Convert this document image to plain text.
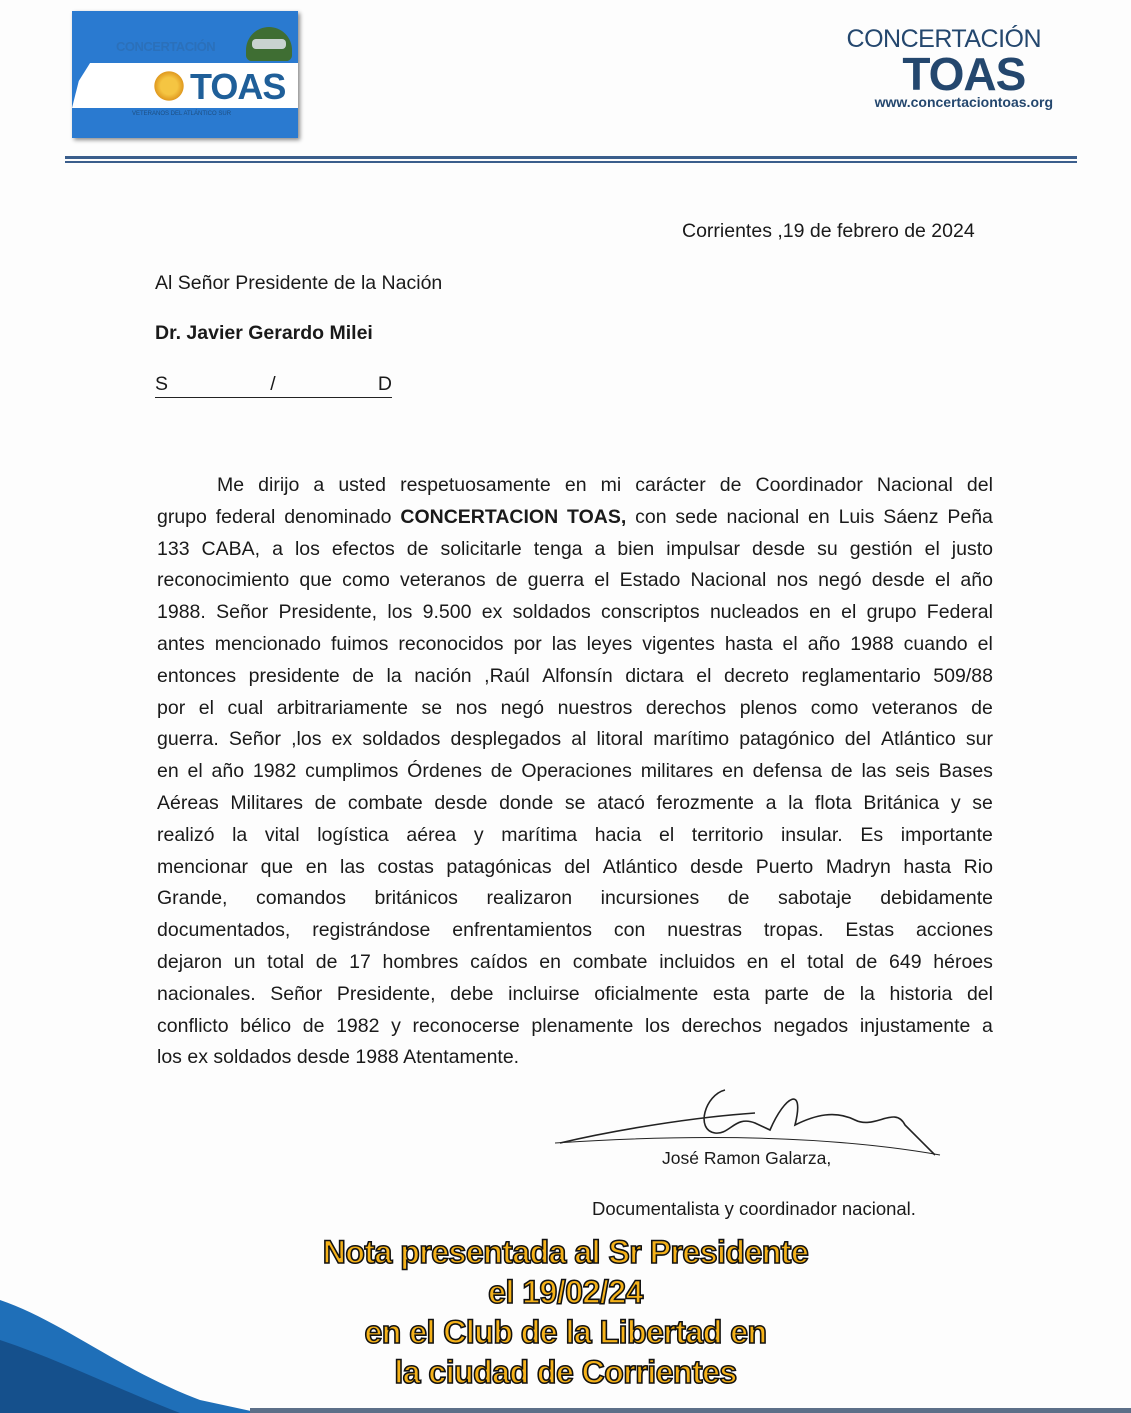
CONCERTACIÓN
TOAS
VETERANOS DEL ATLÁNTICO SUR
CONCERTACIÓN
TOAS
www.concertaciontoas.org
Corrientes ,19 de febrero de 2024
Al Señor Presidente de la Nación
Dr. Javier Gerardo Milei
S	/	D
Me dirijo a usted respetuosamente en mi carácter de Coordinador Nacional del
grupo federal denominado CONCERTACION TOAS, con sede nacional en Luis Sáenz Peña
133 CABA, a los efectos de solicitarle tenga a bien impulsar desde su gestión el justo
reconocimiento que como veteranos de guerra el Estado Nacional nos negó desde el año
1988. Señor Presidente, los 9.500 ex soldados conscriptos nucleados en el grupo Federal
antes mencionado fuimos reconocidos por las leyes vigentes hasta el año 1988 cuando el
entonces presidente de la nación ,Raúl Alfonsín dictara el decreto reglamentario 509/88
por el cual arbitrariamente se nos negó nuestros derechos plenos como veteranos de
guerra. Señor ,los ex soldados desplegados al litoral marítimo patagónico del Atlántico sur
en el año 1982 cumplimos Órdenes de Operaciones militares en defensa de las seis Bases
Aéreas Militares de combate desde donde se atacó ferozmente a la flota Británica y se
realizó la vital logística aérea y marítima hacia el territorio insular. Es importante
mencionar que en las costas patagónicas del Atlántico desde Puerto Madryn hasta Rio
Grande, comandos británicos realizaron incursiones de sabotaje debidamente
documentados, registrándose enfrentamientos con nuestras tropas. Estas acciones
dejaron un total de 17 hombres caídos en combate incluidos en el total de 649 héroes
nacionales. Señor Presidente, debe incluirse oficialmente esta parte de la historia del
conflicto bélico de 1982 y reconocerse plenamente los derechos negados injustamente a
los ex soldados desde 1988 Atentamente.
José Ramon Galarza,
Documentalista y coordinador nacional.
Nota presentada al Sr Presidente
el 19/02/24
en el Club de la Libertad en
la ciudad de Corrientes
